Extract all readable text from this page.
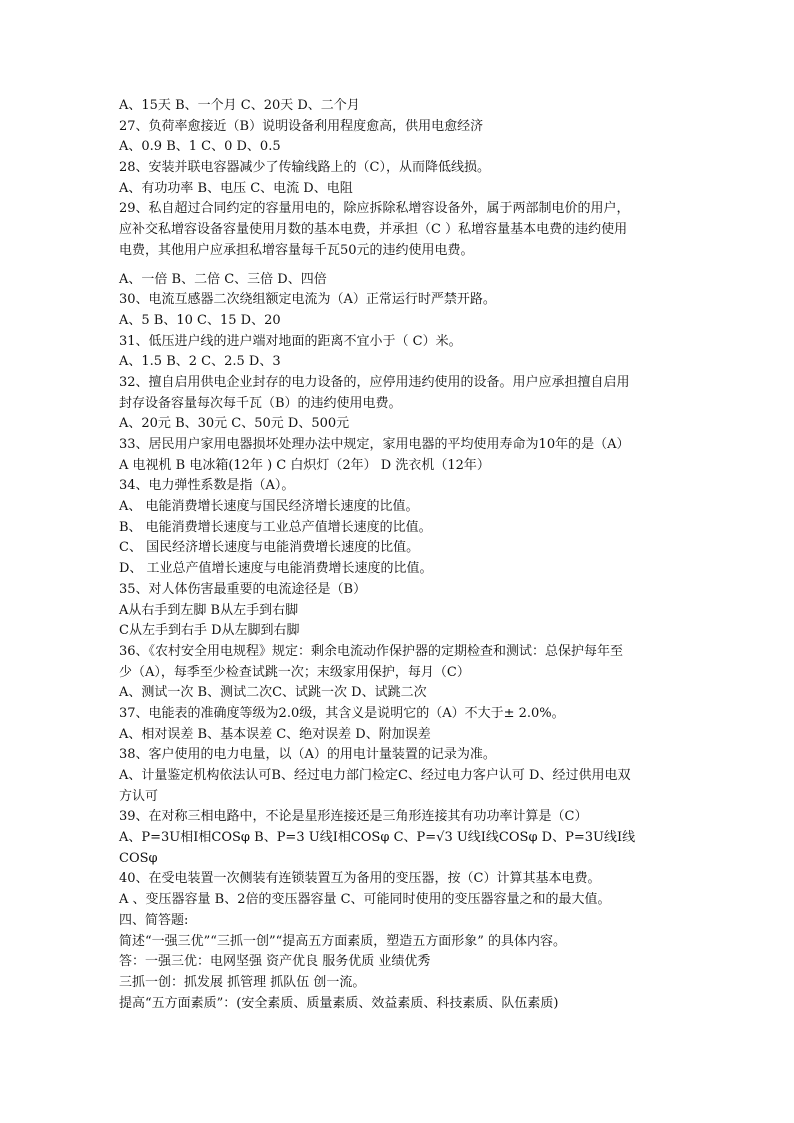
A、15天 B、一个月 C、20天 D、二个月
27、负荷率愈接近（B）说明设备利用程度愈高，供用电愈经济
A、0.9 B、1 C、0 D、0.5
28、安装并联电容器减少了传输线路上的（C），从而降低线损。
A、有功功率 B、电压 C、电流 D、电阻
29、私自超过合同约定的容量用电的，除应拆除私增容设备外，属于两部制电价的用户，
应补交私增容设备容量使用月数的基本电费，并承担（C ）私增容量基本电费的违约使用
电费，其他用户应承担私增容量每千瓦50元的违约使用电费。
A、一倍 B、二倍 C、三倍 D、四倍
30、电流互感器二次绕组额定电流为（A）正常运行时严禁开路。
A、5 B、10 C、15 D、20
31、低压进户线的进户端对地面的距离不宜小于（ C）米。
A、1.5 B、2 C、2.5 D、3
32、擅自启用供电企业封存的电力设备的，应停用违约使用的设备。用户应承担擅自启用
封存设备容量每次每千瓦（B）的违约使用电费。
A、20元 B、30元 C、50元 D、500元
33、居民用户家用电器损坏处理办法中规定，家用电器的平均使用寿命为10年的是（A）
A 电视机 B 电冰箱(12年 ) C 白炽灯（2年） D 洗衣机（12年）
34、电力弹性系数是指（A）。
A、 电能消费增长速度与国民经济增长速度的比值。
B、 电能消费增长速度与工业总产值增长速度的比值。
C、 国民经济增长速度与电能消费增长速度的比值。
D、 工业总产值增长速度与电能消费增长速度的比值。
35、对人体伤害最重要的电流途径是（B）
A从右手到左脚 B从左手到右脚
C从左手到右手 D从左脚到右脚
36、《农村安全用电规程》规定：剩余电流动作保护器的定期检查和测试：总保护每年至
少（A），每季至少检查试跳一次；末级家用保护，每月（C）
A、测试一次 B、测试二次C、试跳一次 D、试跳二次
37、电能表的准确度等级为2.0级，其含义是说明它的（A）不大于± 2.0%。
A、相对误差 B、基本误差 C、绝对误差 D、附加误差
38、客户使用的电力电量，以（A）的用电计量装置的记录为准。
A、计量鉴定机构依法认可B、经过电力部门检定C、经过电力客户认可 D、经过供用电双
方认可
39、在对称三相电路中，不论是星形连接还是三角形连接其有功功率计算是（C）
A、P=3U相I相COSφ B、P=3 U线I相COSφ C、P=√3 U线I线COSφ D、P=3U线I线
COSφ
40、在受电装置一次侧装有连锁装置互为备用的变压器，按（C）计算其基本电费。
A 、变压器容量 B、2倍的变压器容量 C、可能同时使用的变压器容量之和的最大值。
四、简答题:
简述“一强三优”“三抓一创”“提高五方面素质，塑造五方面形象” 的具体内容。
答：一强三优：电网坚强 资产优良 服务优质 业绩优秀
三抓一创：抓发展 抓管理 抓队伍 创一流。
提高“五方面素质”：(安全素质、质量素质、效益素质、科技素质、队伍素质)
